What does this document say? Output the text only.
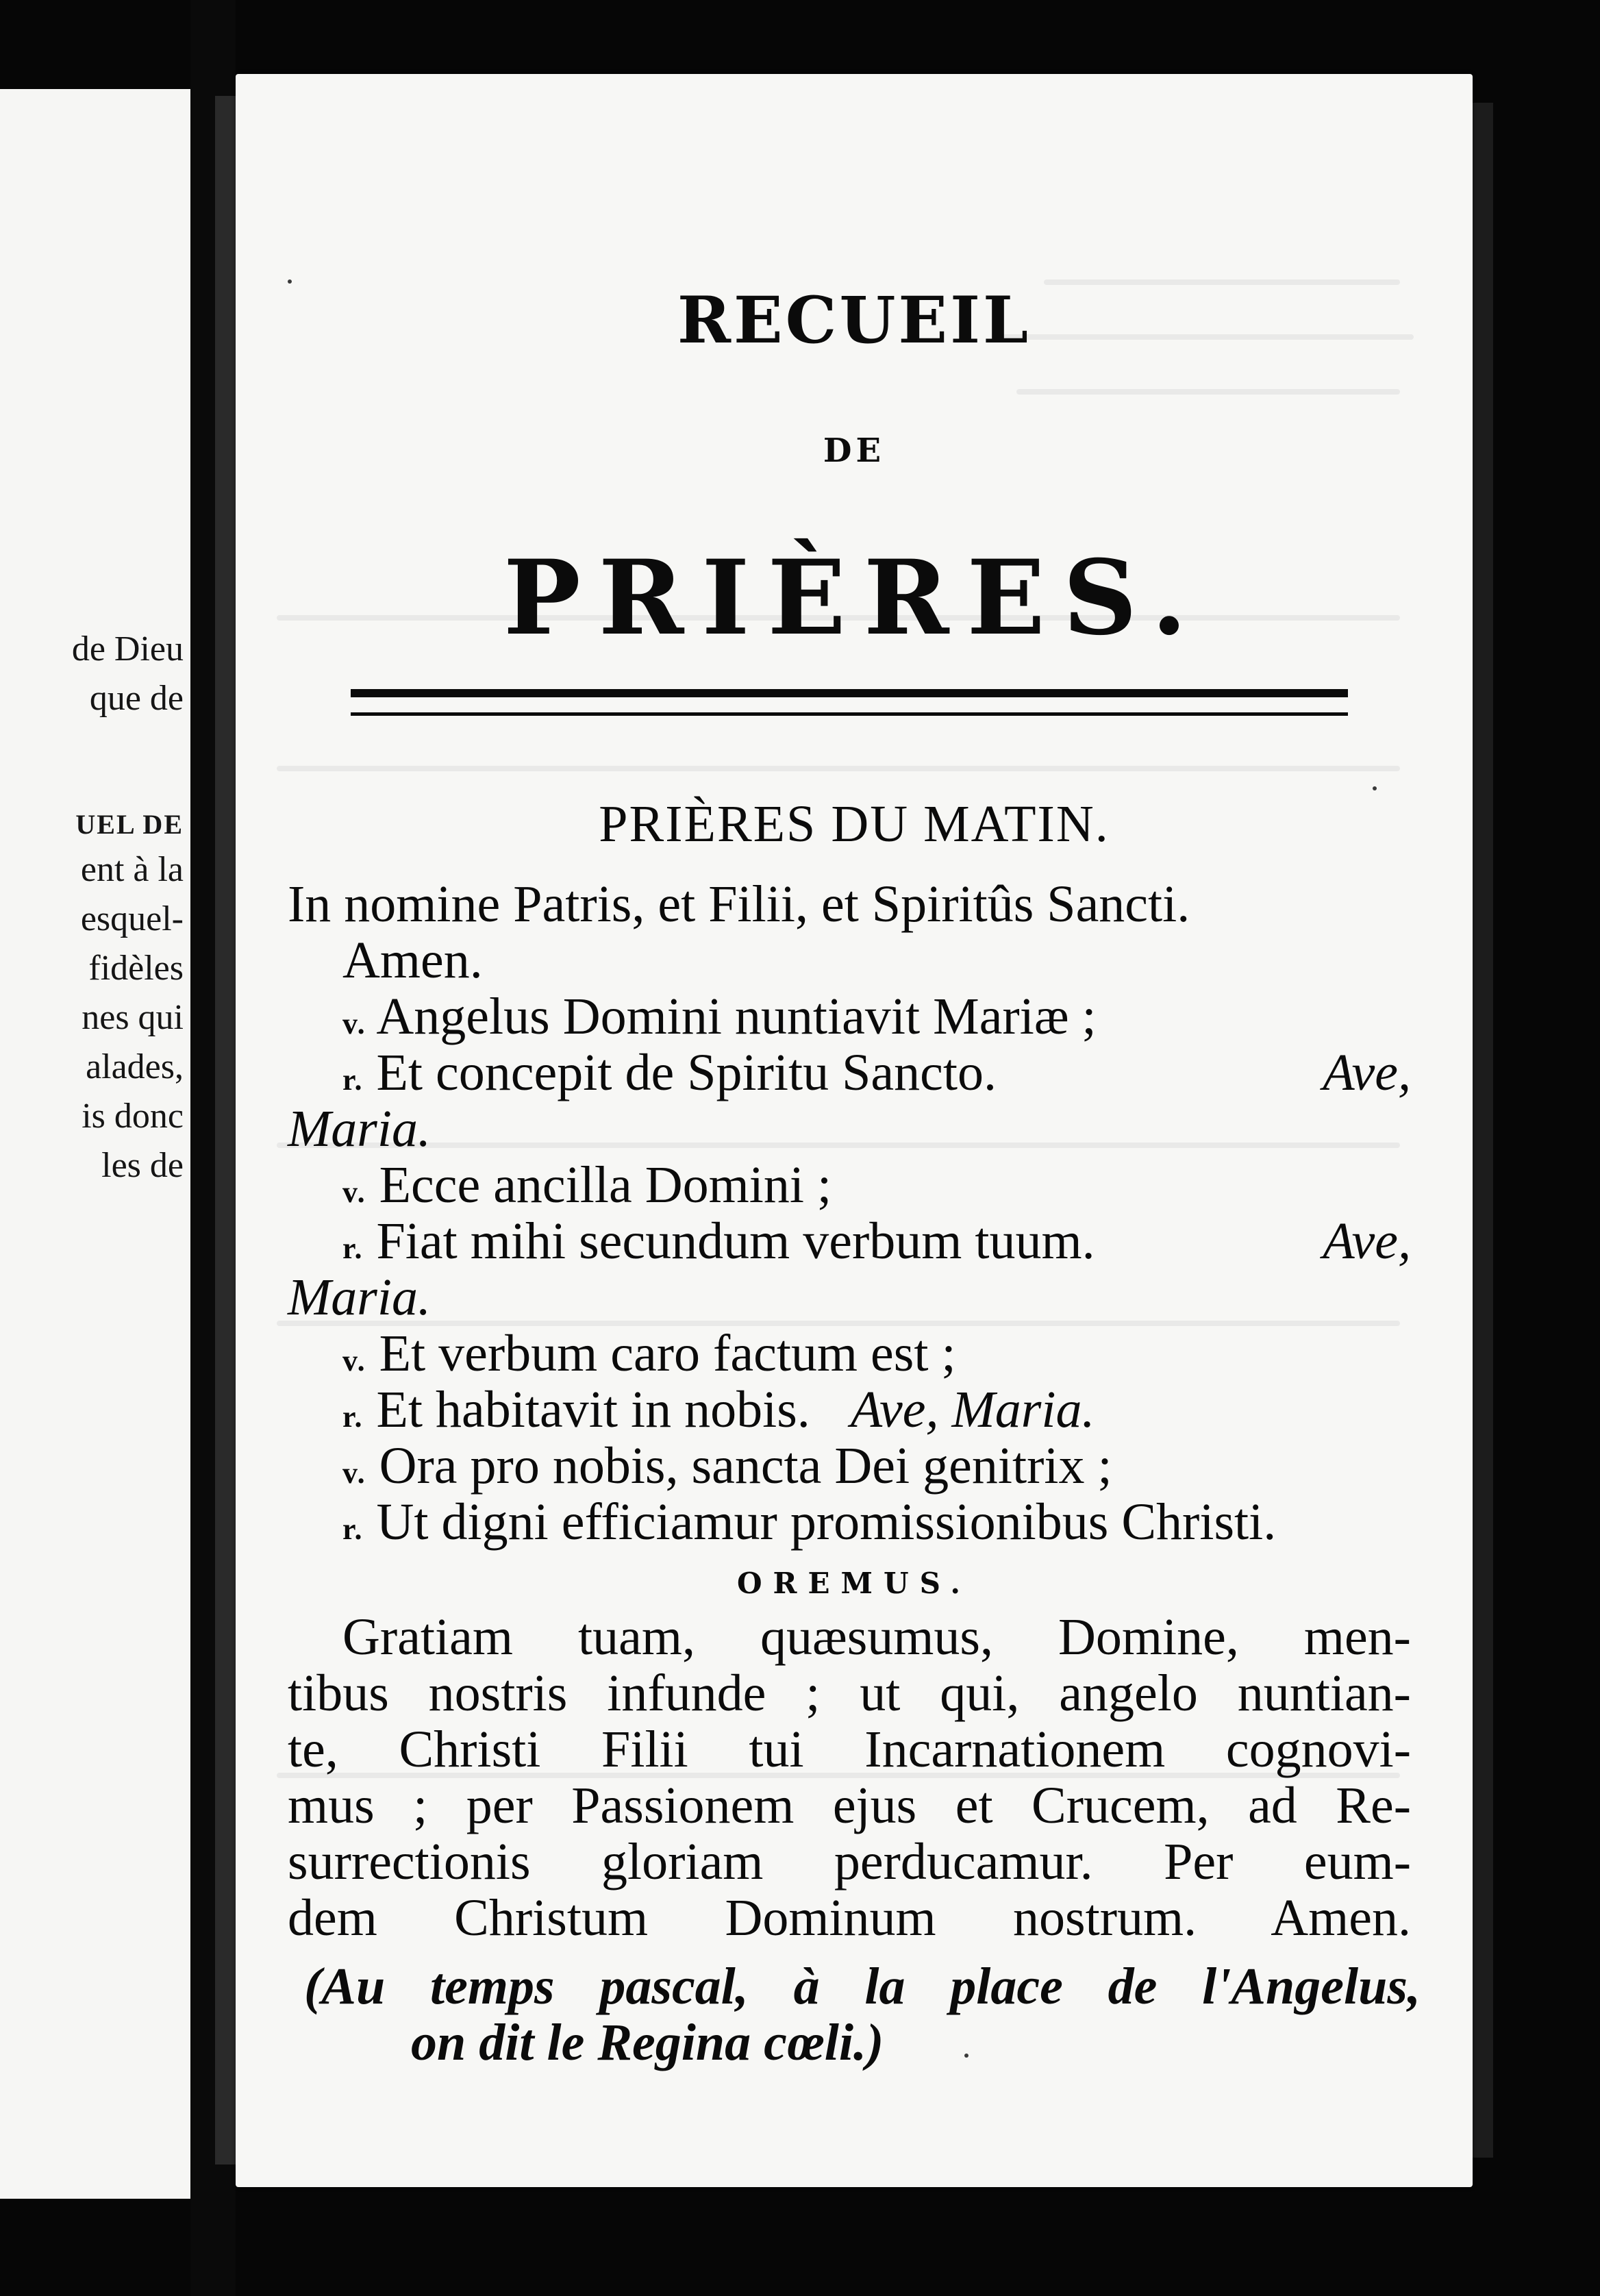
de Dieu
que de
UEL DE
ent à la
esquel-
fidèles
nes qui
alades,
is donc
les de
RECUEIL
DE
PRIÈRES.
PRIÈRES DU MATIN.
In nomine Patris, et Filii, et Spiritûs Sancti.
Amen.
v. Angelus Domini nuntiavit Mariæ ;
r. Et concepit de Spiritu Sancto.	Ave,
Maria.
v. Ecce ancilla Domini ;
r. Fiat mihi secundum verbum tuum.	Ave,
Maria.
v. Et verbum caro factum est ;
r. Et habitavit in nobis. Ave, Maria.
v. Ora pro nobis, sancta Dei genitrix ;
r. Ut digni efficiamur promissionibus Christi.
OREMUS.
Gratiam tuam, quæsumus, Domine, men-
tibus nostris infunde ; ut qui, angelo nuntian-
te, Christi Filii tui Incarnationem cognovi-
mus ; per Passionem ejus et Crucem, ad Re-
surrectionis gloriam perducamur. Per eum-
dem Christum Dominum nostrum. Amen.
(Au temps pascal, à la place de l'Angelus,
on dit le Regina cœli.)
